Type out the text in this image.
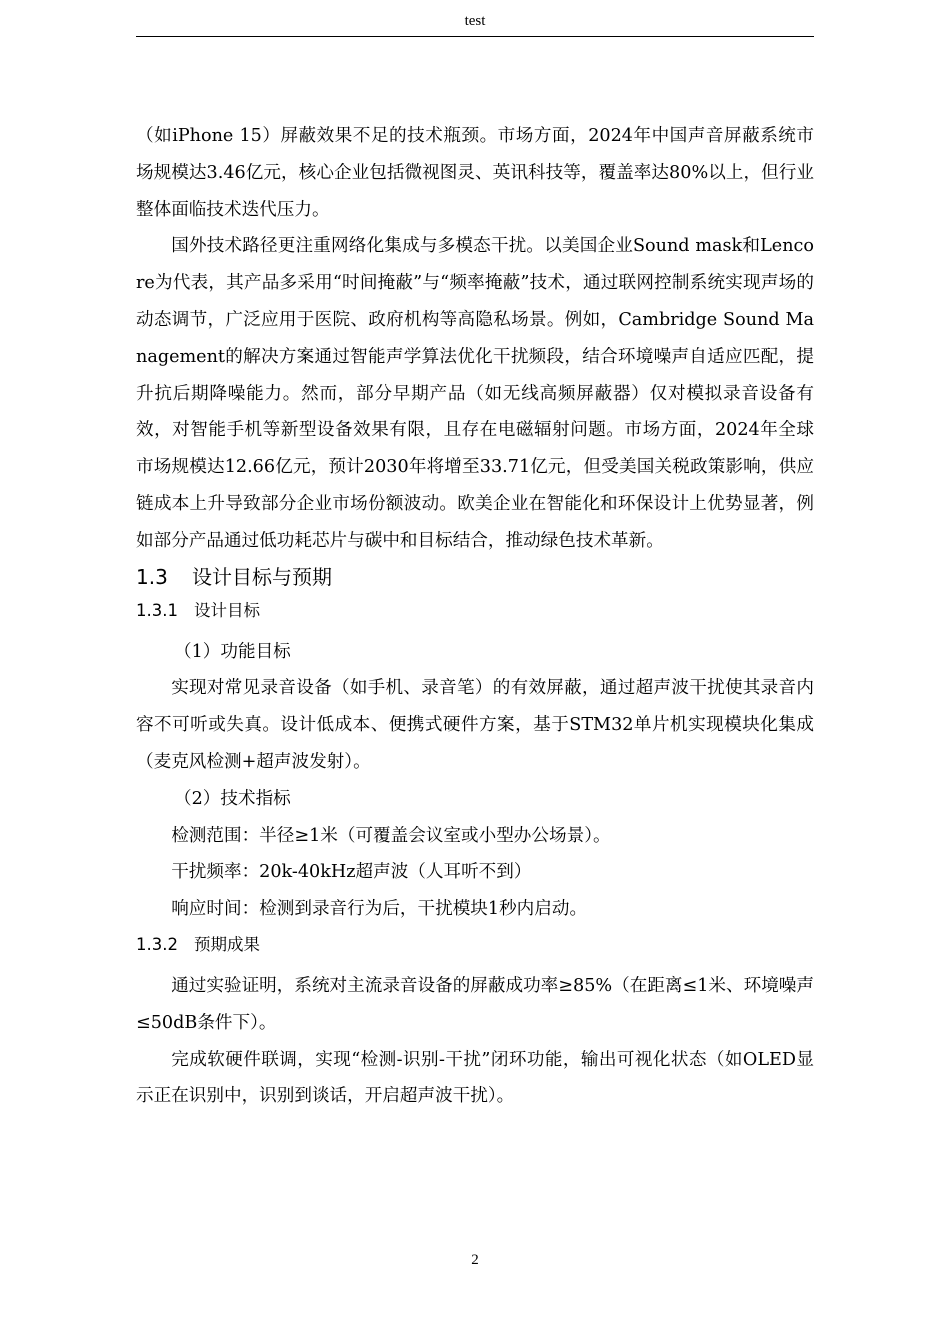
test

（如iPhone 15）屏蔽效果不足的技术瓶颈。市场方面，2024年中国声音屏蔽系统市场规模达3.46亿元，核心企业包括微视图灵、英讯科技等，覆盖率达80%以上，但行业整体面临技术迭代压力。

国外技术路径更注重网络化集成与多模态干扰。以美国企业Sound mask和Lencore为代表，其产品多采用“时间掩蔽”与“频率掩蔽”技术，通过联网控制系统实现声场的动态调节，广泛应用于医院、政府机构等高隐私场景。例如，Cambridge Sound Management的解决方案通过智能声学算法优化干扰频段，结合环境噪声自适应匹配，提升抗后期降噪能力。然而，部分早期产品（如无线高频屏蔽器）仅对模拟录音设备有效，对智能手机等新型设备效果有限，且存在电磁辐射问题。市场方面，2024年全球市场规模达12.66亿元，预计2030年将增至33.71亿元，但受美国关税政策影响，供应链成本上升导致部分企业市场份额波动。欧美企业在智能化和环保设计上优势显著，例如部分产品通过低功耗芯片与碳中和目标结合，推动绿色技术革新。

1.3 设计目标与预期
1.3.1 设计目标

（1）功能目标

实现对常见录音设备（如手机、录音笔）的有效屏蔽，通过超声波干扰使其录音内容不可听或失真。设计低成本、便携式硬件方案，基于STM32单片机实现模块化集成（麦克风检测+超声波发射）。

（2）技术指标

检测范围：半径≥1米（可覆盖会议室或小型办公场景）。

干扰频率：20k-40kHz超声波（人耳听不到）

响应时间：检测到录音行为后，干扰模块1秒内启动。

1.3.2 预期成果

通过实验证明，系统对主流录音设备的屏蔽成功率≥85%（在距离≤1米、环境噪声≤50dB条件下）。

完成软硬件联调，实现“检测-识别-干扰”闭环功能，输出可视化状态（如OLED显示正在识别中，识别到谈话，开启超声波干扰）。

2
